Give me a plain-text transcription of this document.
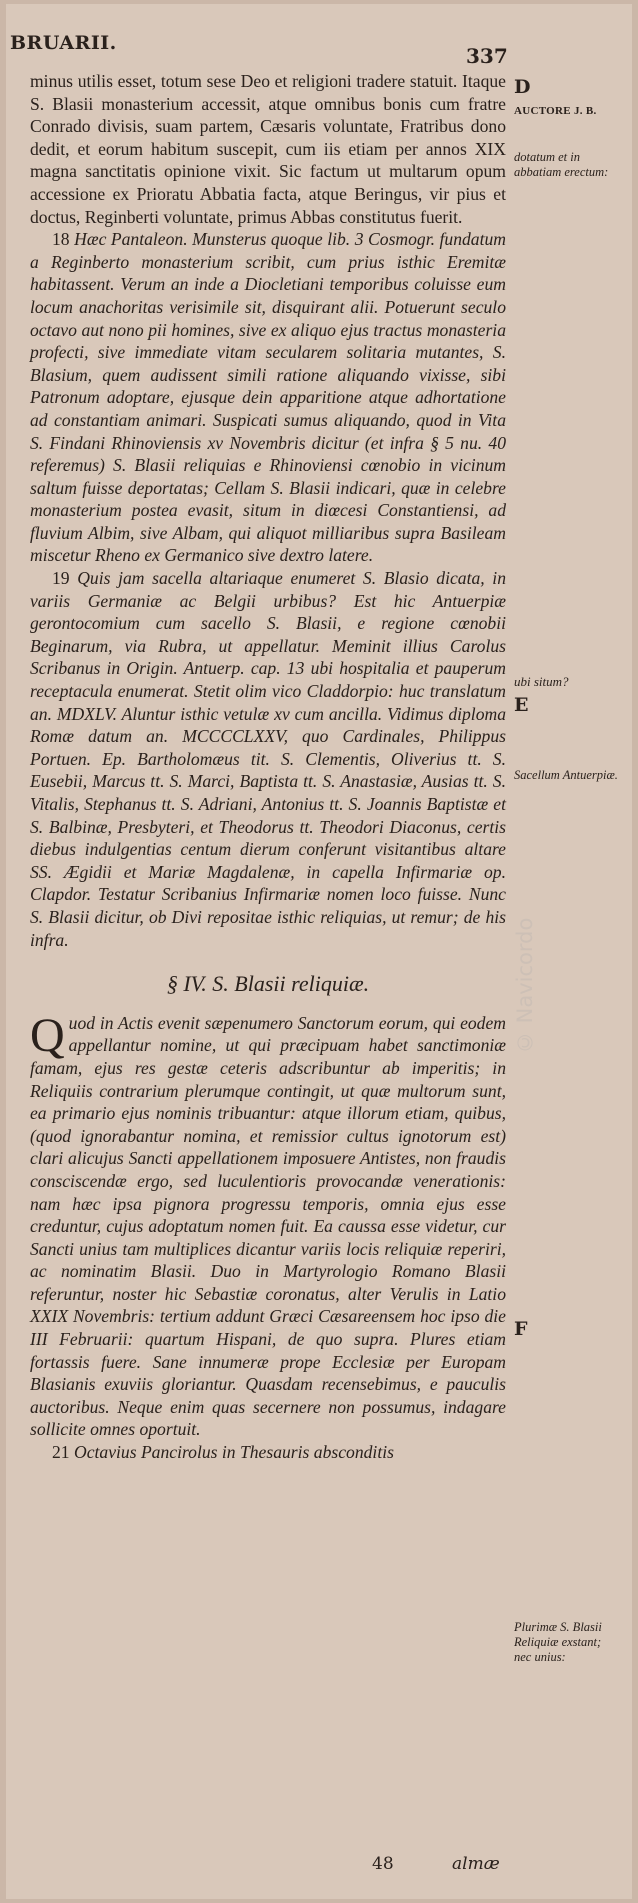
BRUARII.
337
D
AUCTORE J. B.
dotatum et in abbatiam erectum:
ubi situm?
E
Sacellum Antuerpiæ.
© Navicordo
F
Plurimæ S. Blasii Reliquiæ exstant; nec unius:

minus utilis esset, totum sese Deo et religioni tradere statuit. Itaque S. Blasii monasterium accessit, atque omnibus bonis cum fratre Conrado divisis, suam partem, Cæsaris voluntate, Fratribus dono dedit, et eorum habitum suscepit, cum iis etiam per annos XIX magna sanctitatis opinione vixit. Sic factum ut multarum opum accessione ex Prioratu Abbatia facta, atque Beringus, vir pius et doctus, Reginberti voluntate, primus Abbas constitutus fuerit.

18 Hæc Pantaleon. Munsterus quoque lib. 3 Cosmogr. fundatum a Reginberto monasterium scribit, cum prius isthic Eremitæ habitassent. Verum an inde a Diocletiani temporibus coluisse eum locum anachoritas verisimile sit, disquirant alii. Potuerunt seculo octavo aut nono pii homines, sive ex aliquo ejus tractus monasteria profecti, sive immediate vitam secularem solitaria mutantes, S. Blasium, quem audissent simili ratione aliquando vixisse, sibi Patronum adoptare, ejusque dein apparitione atque adhortatione ad constantiam animari. Suspicati sumus aliquando, quod in Vita S. Findani Rhinoviensis xv Novembris dicitur (et infra § 5 nu. 40 referemus) S. Blasii reliquias e Rhinoviensi cœnobio in vicinum saltum fuisse deportatas; Cellam S. Blasii indicari, quæ in celebre monasterium postea evasit, situm in diœcesi Constantiensi, ad fluvium Albim, sive Albam, qui aliquot milliaribus supra Basileam miscetur Rheno ex Germanico sive dextro latere.

19 Quis jam sacella altariaque enumeret S. Blasio dicata, in variis Germaniæ ac Belgii urbibus? Est hic Antuerpiæ gerontocomium cum sacello S. Blasii, e regione cœnobii Beginarum, via Rubra, ut appellatur. Meminit illius Carolus Scribanus in Origin. Antuerp. cap. 13 ubi hospitalia et pauperum receptacula enumerat. Stetit olim vico Claddorpio: huc translatum an. MDXLV. Aluntur isthic vetulæ xv cum ancilla. Vidimus diploma Romæ datum an. MCCCCLXXV, quo Cardinales, Philippus Portuen. Ep. Bartholomæus tit. S. Clementis, Oliverius tt. S. Eusebii, Marcus tt. S. Marci, Baptista tt. S. Anastasiæ, Ausias tt. S. Vitalis, Stephanus tt. S. Adriani, Antonius tt. S. Joannis Baptistæ et S. Balbinæ, Presbyteri, et Theodorus tt. Theodori Diaconus, certis diebus indulgentias centum dierum conferunt visitantibus altare SS. Ægidii et Mariæ Magdalenæ, in capella Infirmariæ op. Clapdor. Testatur Scribanius Infirmariæ nomen loco fuisse. Nunc S. Blasii dicitur, ob Divi repositae isthic reliquias, ut remur; de his infra.

§ IV. S. Blasii reliquiæ.

Quod in Actis evenit sæpenumero Sanctorum eorum, qui eodem appellantur nomine, ut qui præcipuam habet sanctimoniæ famam, ejus res gestæ ceteris adscribuntur ab imperitis; in Reliquiis contrarium plerumque contingit, ut quæ multorum sunt, ea primario ejus nominis tribuantur: atque illorum etiam, quibus, (quod ignorabantur nomina, et remissior cultus ignotorum est) clari alicujus Sancti appellationem imposuere Antistes, non fraudis consciscendæ ergo, sed luculentioris provocandæ venerationis: nam hæc ipsa pignora progressu temporis, omnia ejus esse creduntur, cujus adoptatum nomen fuit. Ea caussa esse videtur, cur Sancti unius tam multiplices dicantur variis locis reliquiæ reperiri, ac nominatim Blasii. Duo in Martyrologio Romano Blasii referuntur, noster hic Sebastiæ coronatus, alter Verulis in Latio XXIX Novembris: tertium addunt Græci Cæsareensem hoc ipso die III Februarii: quartum Hispani, de quo supra. Plures etiam fortassis fuere. Sane innumeræ prope Ecclesiæ per Europam Blasianis exuviis gloriantur. Quasdam recensebimus, e pauculis auctoribus. Neque enim quas secernere non possumus, indagare sollicite omnes oportuit.

21 Octavius Pancirolus in Thesauris absconditis

48	almæ
